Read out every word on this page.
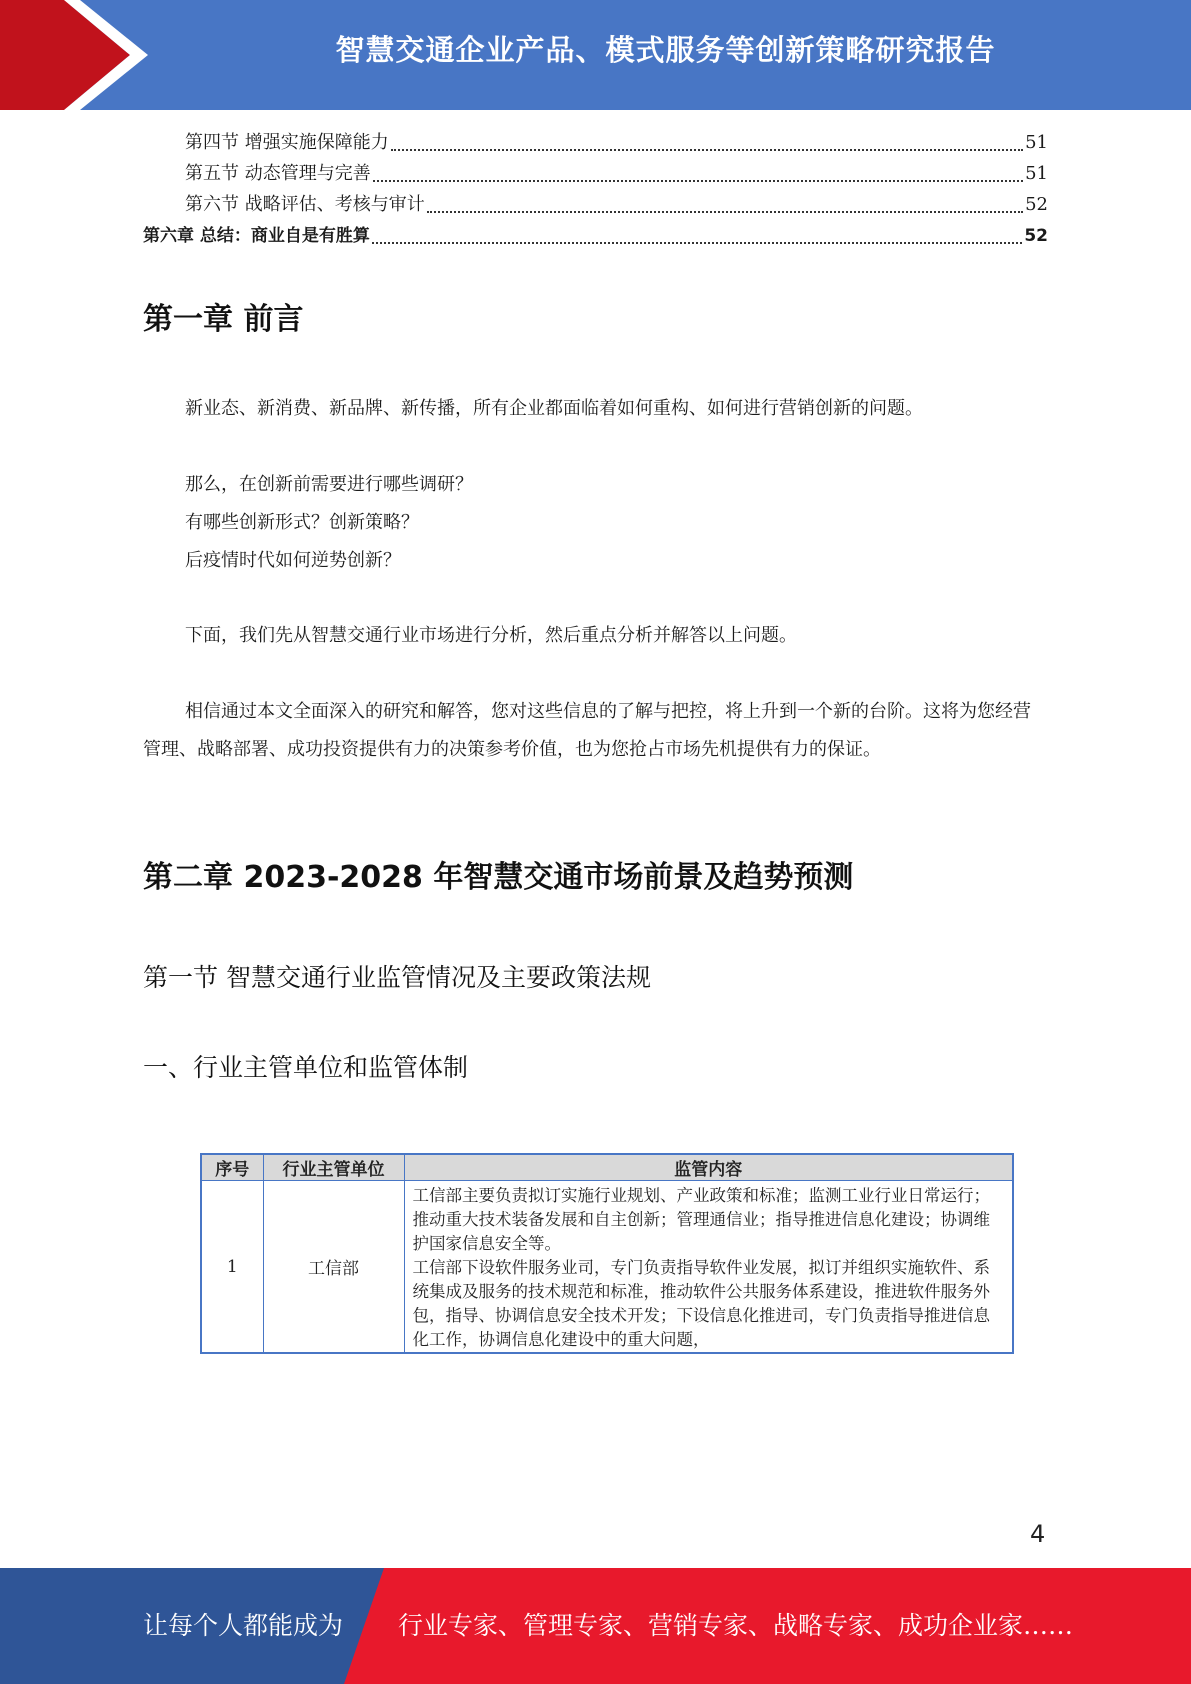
智慧交通企业产品、模式服务等创新策略研究报告
第四节 增强实施保障能力	51
第五节 动态管理与完善	51
第六节 战略评估、考核与审计	52
第六章 总结：商业自是有胜算	52
第一章 前言
新业态、新消费、新品牌、新传播，所有企业都面临着如何重构、如何进行营销创新的问题。
那么，在创新前需要进行哪些调研？
有哪些创新形式？创新策略？
后疫情时代如何逆势创新？
下面，我们先从智慧交通行业市场进行分析，然后重点分析并解答以上问题。
相信通过本文全面深入的研究和解答，您对这些信息的了解与把控，将上升到一个新的台阶。这将为您经营管理、战略部署、成功投资提供有力的决策参考价值，也为您抢占市场先机提供有力的保证。
第二章 2023-2028 年智慧交通市场前景及趋势预测
第一节 智慧交通行业监管情况及主要政策法规
一、行业主管单位和监管体制
序号	行业主管单位	监管内容
1	工信部	工信部主要负责拟订实施行业规划、产业政策和标准；监测工业行业日常运行；推动重大技术装备发展和自主创新；管理通信业；指导推进信息化建设；协调维护国家信息安全等。

工信部下设软件服务业司，专门负责指导软件业发展，拟订并组织实施软件、系统集成及服务的技术规范和标准，推动软件公共服务体系建设，推进软件服务外包，指导、协调信息安全技术开发；下设信息化推进司，专门负责指导推进信息化工作，协调信息化建设中的重大问题，

4
让每个人都能成为 行业专家、管理专家、营销专家、战略专家、成功企业家……
